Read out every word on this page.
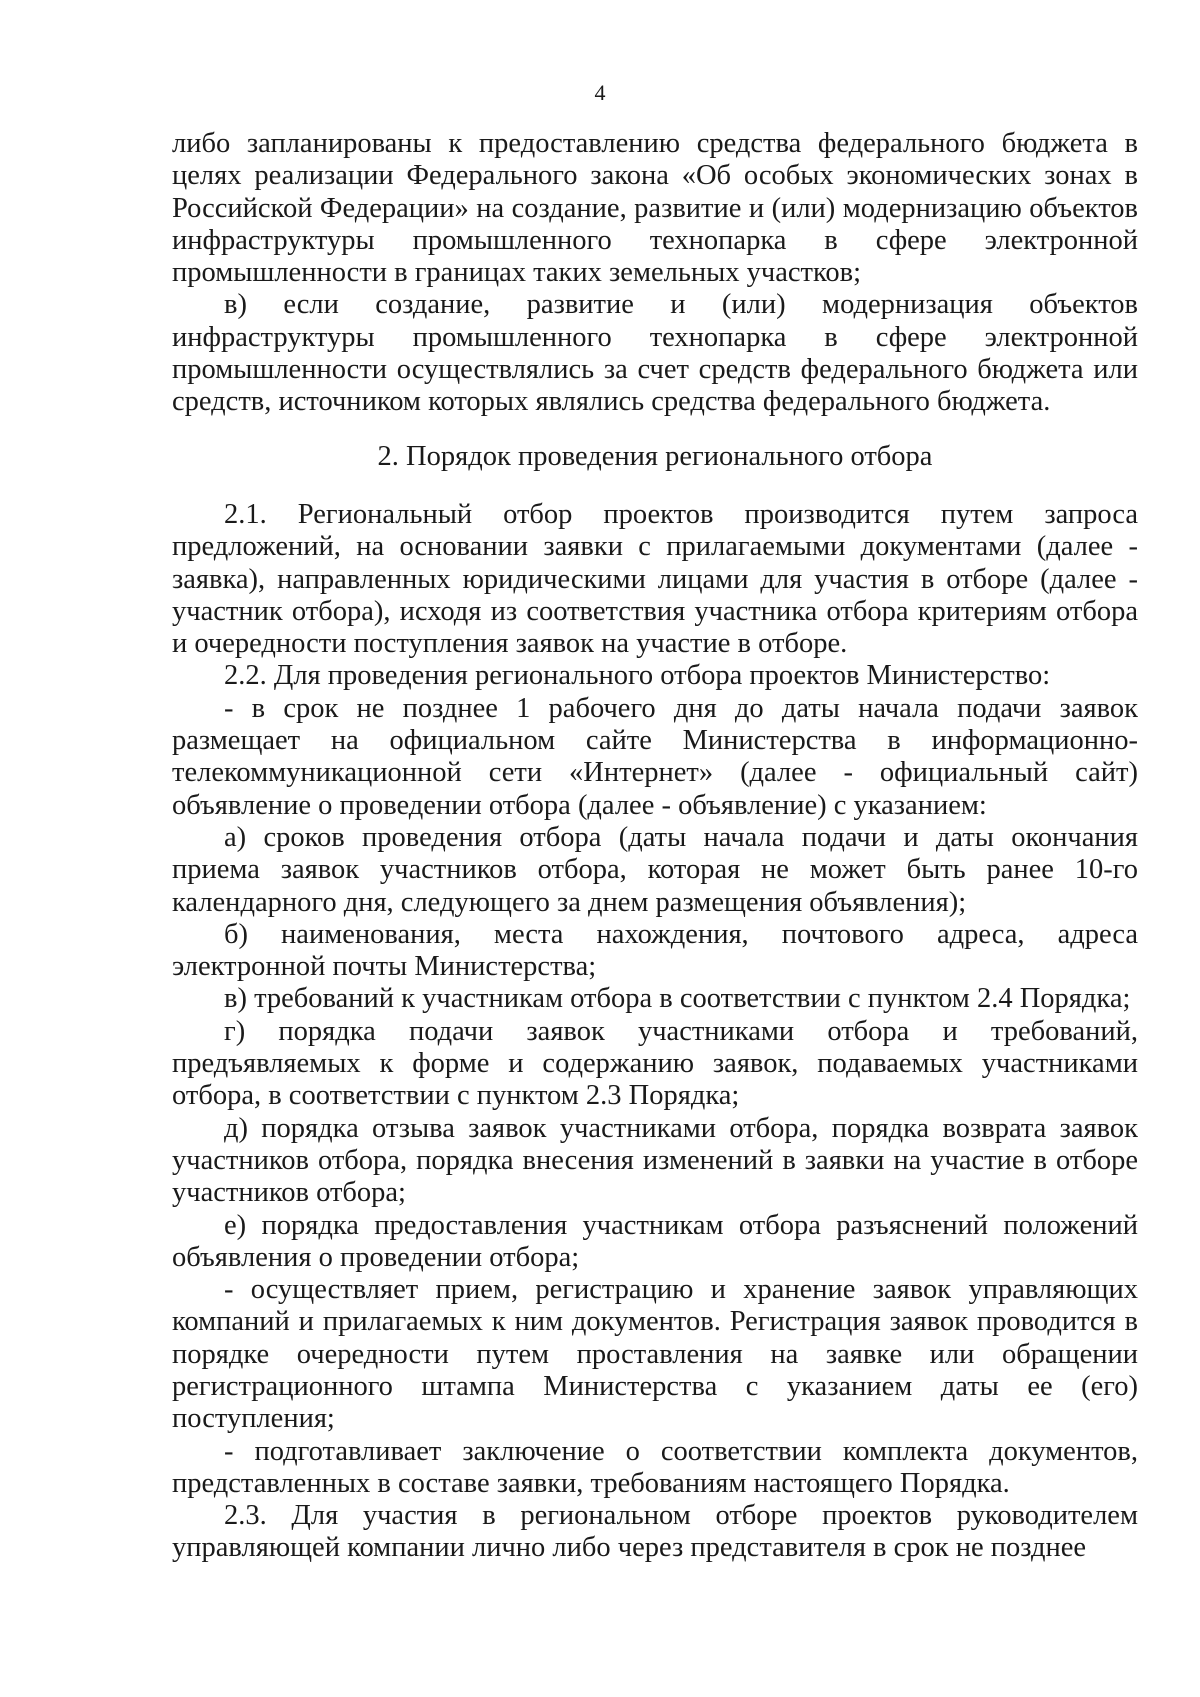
4

либо запланированы к предоставлению средства федерального бюджета в целях реализации Федерального закона «Об особых экономических зонах в Российской Федерации» на создание, развитие и (или) модернизацию объектов инфраструктуры промышленного технопарка в сфере электронной промышленности в границах таких земельных участков;

в) если создание, развитие и (или) модернизация объектов инфраструктуры промышленного технопарка в сфере электронной промышленности осуществлялись за счет средств федерального бюджета или средств, источником которых являлись средства федерального бюджета.

2. Порядок проведения регионального отбора

2.1. Региональный отбор проектов производится путем запроса предложений, на основании заявки с прилагаемыми документами (далее - заявка), направленных юридическими лицами для участия в отборе (далее - участник отбора), исходя из соответствия участника отбора критериям отбора и очередности поступления заявок на участие в отборе.

2.2. Для проведения регионального отбора проектов Министерство:

- в срок не позднее 1 рабочего дня до даты начала подачи заявок размещает на официальном сайте Министерства в информационно-телекоммуникационной сети «Интернет» (далее - официальный сайт) объявление о проведении отбора (далее - объявление) с указанием:

а) сроков проведения отбора (даты начала подачи и даты окончания приема заявок участников отбора, которая не может быть ранее 10-го календарного дня, следующего за днем размещения объявления);

б) наименования, места нахождения, почтового адреса, адреса электронной почты Министерства;

в) требований к участникам отбора в соответствии с пунктом 2.4 Порядка;

г) порядка подачи заявок участниками отбора и требований, предъявляемых к форме и содержанию заявок, подаваемых участниками отбора, в соответствии с пунктом 2.3 Порядка;

д) порядка отзыва заявок участниками отбора, порядка возврата заявок участников отбора, порядка внесения изменений в заявки на участие в отборе участников отбора;

е) порядка предоставления участникам отбора разъяснений положений объявления о проведении отбора;

- осуществляет прием, регистрацию и хранение заявок управляющих компаний и прилагаемых к ним документов. Регистрация заявок проводится в порядке очередности путем проставления на заявке или обращении регистрационного штампа Министерства с указанием даты ее (его) поступления;

- подготавливает заключение о соответствии комплекта документов, представленных в составе заявки, требованиям настоящего Порядка.

2.3. Для участия в региональном отборе проектов руководителем управляющей компании лично либо через представителя в срок не позднее
